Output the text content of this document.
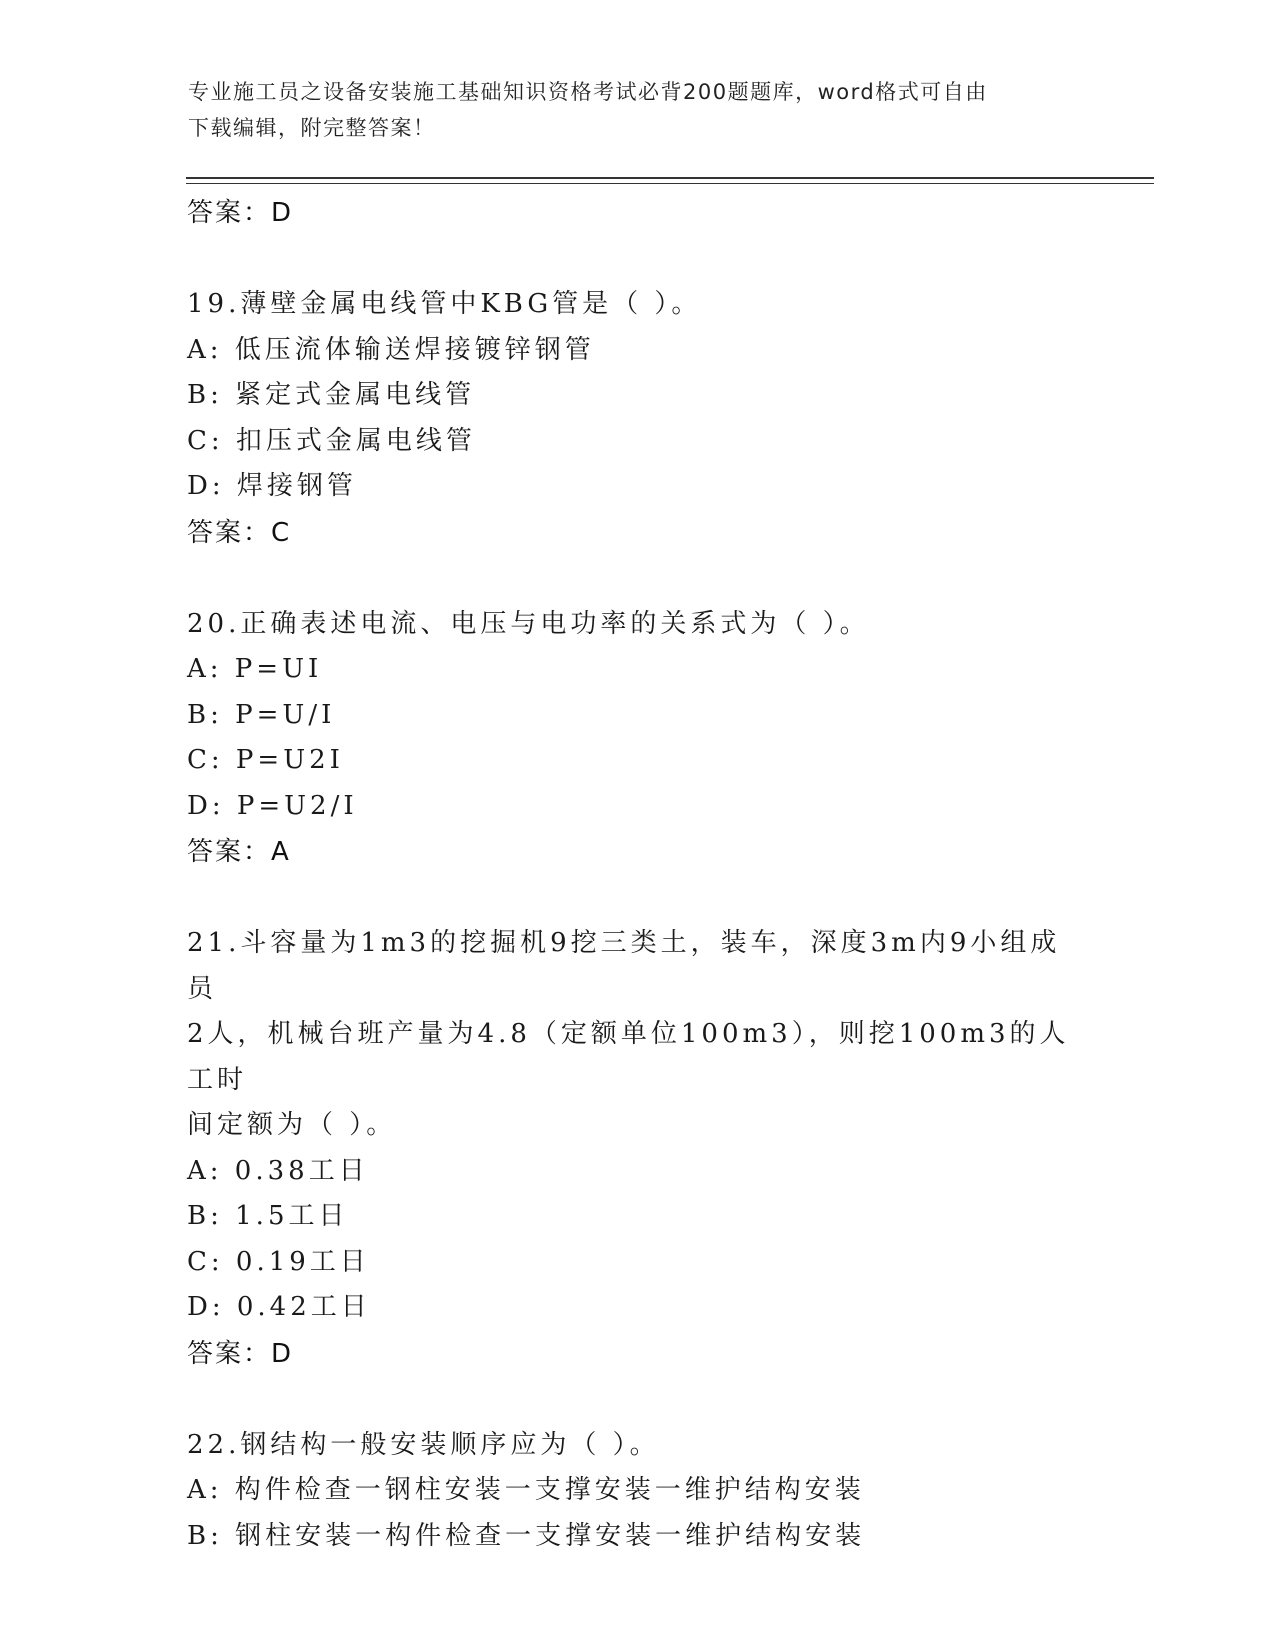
专业施工员之设备安装施工基础知识资格考试必背200题题库，word格式可自由
下载编辑，附完整答案！
答案：D
19.薄壁金属电线管中KBG管是（ ）。
A: 低压流体输送焊接镀锌钢管
B: 紧定式金属电线管
C: 扣压式金属电线管
D: 焊接钢管
答案：C
20.正确表述电流、电压与电功率的关系式为（ ）。
A: P=UI
B: P=U/I
C: P=U2I
D: P=U2/I
答案：A
21.斗容量为1m3的挖掘机9挖三类土，装车，深度3m内9小组成员
2人，机械台班产量为4.8（定额单位100m3），则挖100m3的人工时
间定额为（ ）。
A: 0.38工日
B: 1.5工日
C: 0.19工日
D: 0.42工日
答案：D
22.钢结构一般安装顺序应为（ ）。
A: 构件检查一钢柱安装一支撑安装一维护结构安装
B: 钢柱安装一构件检查一支撑安装一维护结构安装
